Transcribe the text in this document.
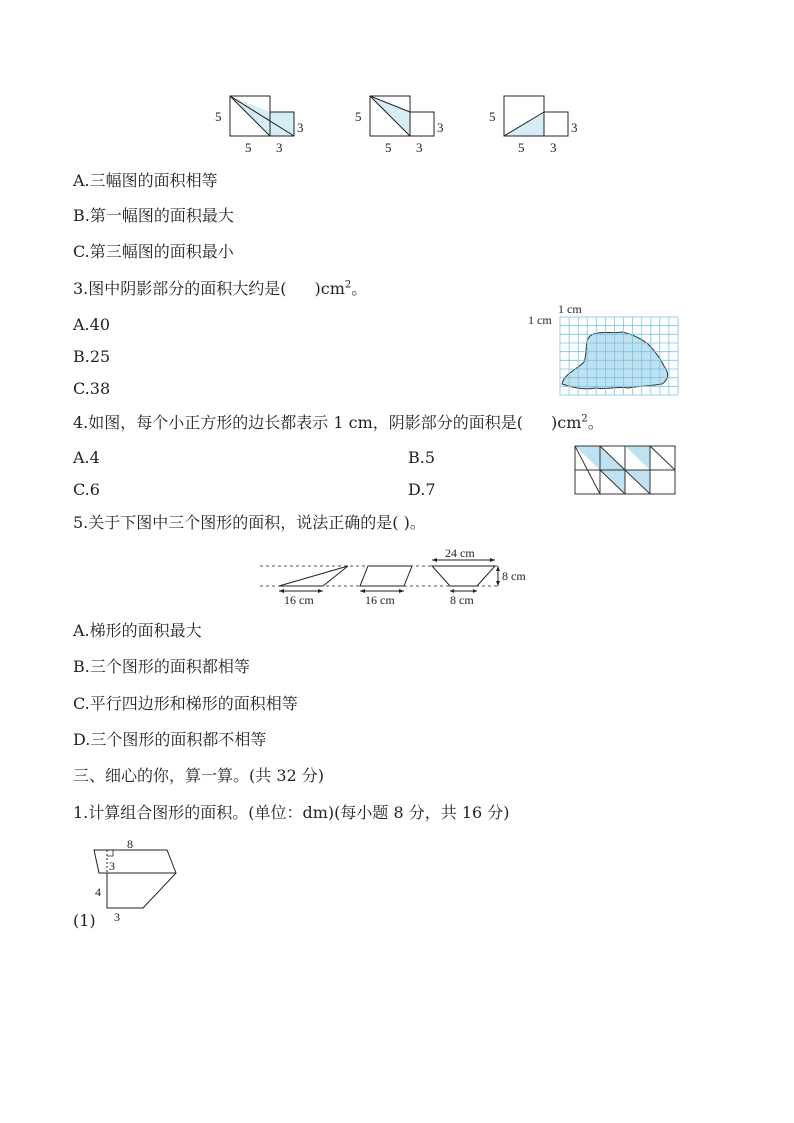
5
5 3
3
5
5 3
3
5
5 3
3
A.三幅图的面积相等
B.第一幅图的面积最大
C.第三幅图的面积最小
3.图中阴影部分的面积大约是( )$cm^2$。
A.40
B.25
C.38
1 cm
1 cm
4.如图，每个小正方形的边长都表示 1 cm，阴影部分的面积是( )$cm^2$。
A.4	B.5
C.6	D.7
5.关于下图中三个图形的面积，说法正确的是( )。
16 cm	16 cm
24 cm
8 cm
8 cm
A.梯形的面积最大
B.三个图形的面积都相等
C.平行四边形和梯形的面积相等
D.三个图形的面积都不相等
三、细心的你，算一算。(共 32 分)
1.计算组合图形的面积。(单位：dm)(每小题 8 分，共 16 分)
8
3
4
3
(1)
